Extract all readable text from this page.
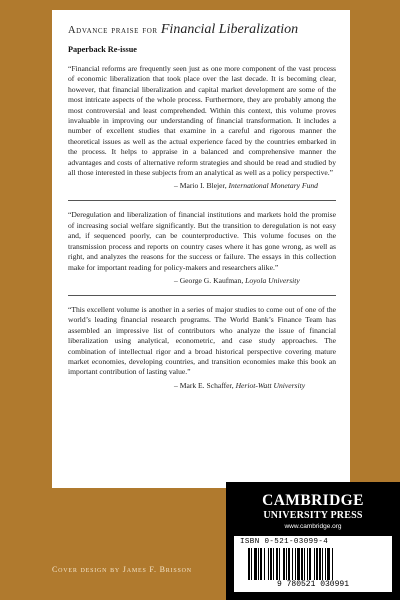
Advance praise for Financial Liberalization

Paperback Re-issue

“Financial reforms are frequently seen just as one more component of the vast process of economic liberalization that took place over the last decade. It is becoming clear, however, that financial liberalization and capital market development are some of the most intricate aspects of the whole process. Furthermore, they are probably among the most controversial and least comprehended. Within this context, this volume proves invaluable in improving our understanding of financial transformation. It includes a number of excellent studies that examine in a careful and rigorous manner the theoretical issues as well as the actual experience faced by the countries embarked in the process. It helps to appraise in a balanced and comprehensive manner the advantages and costs of alternative reform strategies and should be read and studied by all those interested in these subjects from an analytical as well as a policy perspective.”

– Mario I. Blejer, International Monetary Fund

“Deregulation and liberalization of financial institutions and markets hold the promise of increasing social welfare significantly. But the transition to deregulation is not easy and, if sequenced poorly, can be counterproductive. This volume focuses on the transmission process and reports on country cases where it has gone wrong, as well as right, and analyzes the reasons for the success or failure. The essays in this collection make for important reading for policy-makers and researchers alike.”

– George G. Kaufman, Loyola University

“This excellent volume is another in a series of major studies to come out of one of the world’s leading financial research programs. The World Bank’s Finance Team has assembled an impressive list of contributors who analyze the issue of financial liberalization using analytical, econometric, and case study approaches. The combination of intellectual rigor and a broad historical perspective covering mature market economies, developing countries, and transition economies make this book an important contribution of lasting value.”

– Mark E. Schaffer, Heriot-Watt University

CAMBRIDGE
UNIVERSITY PRESS
www.cambridge.org
ISBN 0-521-03099-4
9 780521 030991
Cover design by James F. Brisson
